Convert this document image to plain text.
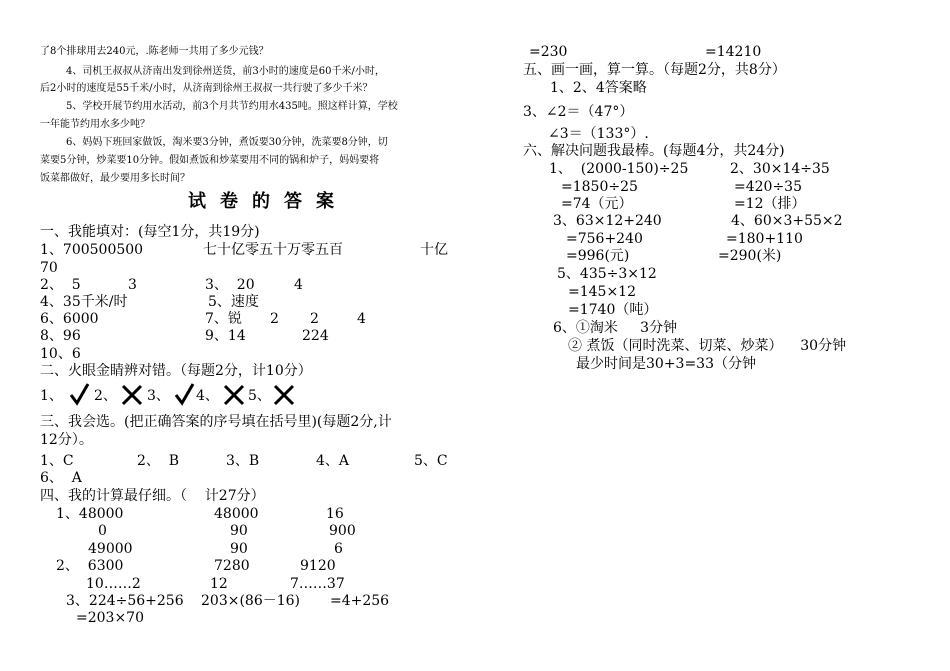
了8个排球用去240元，.陈老师一共用了多少元钱？
4、司机王叔叔从济南出发到徐州送货，前3小时的速度是60千米/小时，
后2小时的速度是55千米/小时，从济南到徐州王叔叔一共行驶了多少千米？
5、学校开展节约用水活动，前3个月共节约用水435吨。照这样计算，学校
一年能节约用水多少吨？
6、妈妈下班回家做饭，淘米要3分钟，煮饭要30分钟，洗菜要8分钟，切
菜要5分钟，炒菜要10分钟。假如煮饭和炒菜要用不同的锅和炉子，妈妈要将
饭菜都做好，最少要用多长时间？
试卷的答案
一、我能填对：(每空1分，共19分)
1、700500500	七十亿零五十万零五百	十亿
70
2、  5	3	3、  20	4
4、35千米/时	5、速度
6、6000	7、锐 2 2	4
8、96	9、14	224
10、6
二、火眼金睛辨对错。（每题2分，计10分）
1、 2、 3、 4、 5、
三、我会选。(把正确答案的序号填在括号里)(每题2分,计
12分）。
1、C	2、  B	3、B	4、A	5、C
6、  A
四、我的计算最仔细。（    计27分）
1、48000	48000	16
0	90	900
49000	90	6
2、  6300	7280	9120
10……2	12	7……37
3、224÷56+256 203×(86－16) =4+256
=203×70
=230	=14210
五、画一画，算一算。（每题2分，共8分）
1、2、4答案略
3、∠2＝（47°）
∠3＝（133°）.
六、解决问题我最棒。(每题4分，共24分)
1、  (2000-150)÷25	2、30×14÷35
=1850÷25	=420÷35
=74（元）	=12（排）
3、63×12+240	4、60×3+55×2
=756+240	=180+110
=996(元)	=290(米)
5、435÷3×12
=145×12
=1740（吨）
6、①淘米     3分钟
② 煮饭（同时洗菜、切菜、炒菜）    30分钟
最少时间是30+3=33（分钟
